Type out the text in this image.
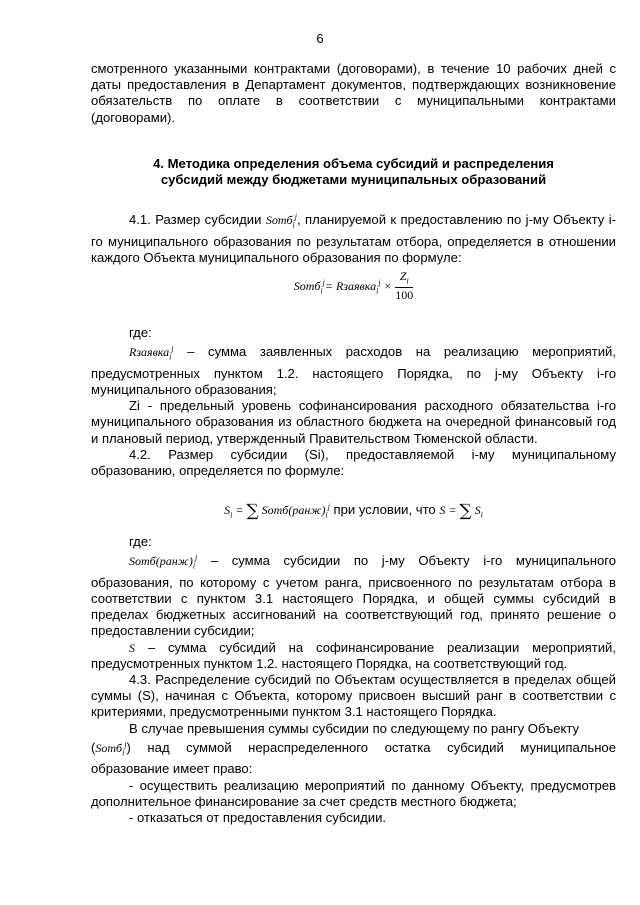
6

смотренного указанными контрактами (договорами), в течение 10 рабочих дней с даты предоставления в Департамент документов, подтверждающих возникновение обязательств по оплате в соответствии с муниципальными контрактами (договорами).

4. Методика определения объема субсидий и распределения

субсидий между бюджетами муниципальных образований

4.1. Размер субсидии Sотб$_i^j$, планируемой к предоставлению по j-му Объекту i-го муниципального образования по результатам отбора, определяется в отношении каждого Объекта муниципального образования по формуле:

Sотб$_i^j$= Rзаявка$_i^j$ × $\frac{Z_i}{100}$

где:

Rзаявка$_i^j$ – сумма заявленных расходов на реализацию мероприятий, предусмотренных пунктом 1.2. настоящего Порядка, по j-му Объекту i-го муниципального образования;

Zi - предельный уровень софинансирования расходного обязательства i-го муниципального образования из областного бюджета на очередной финансовый год и плановый период, утвержденный Правительством Тюменской области.

4.2. Размер субсидии (Si), предоставляемой i-му муниципальному образованию, определяется по формуле:

$S_i$ = ∑ $Sотб(ранж)_i^j$ при условии, что S = ∑ $S_i$

где:

$Sотб(ранж)_i^j$ – сумма субсидии по j-му Объекту i-го муниципального образования, по которому с учетом ранга, присвоенного по результатам отбора в соответствии с пунктом 3.1 настоящего Порядка, и общей суммы субсидий в пределах бюджетных ассигнований на соответствующий год, принято решение о предоставлении субсидии;

S – сумма субсидий на софинансирование реализации мероприятий, предусмотренных пунктом 1.2. настоящего Порядка, на соответствующий год.

4.3. Распределение субсидий по Объектам осуществляется в пределах общей суммы (S), начиная с Объекта, которому присвоен высший ранг в соответствии с критериями, предусмотренными пунктом 3.1 настоящего Порядка.

В случае превышения суммы субсидии по следующему по рангу Объекту
(Sотб$_i^j$) над суммой нераспределенного остатка субсидий муниципальное образование имеет право:

- осуществить реализацию мероприятий по данному Объекту, предусмотрев дополнительное финансирование за счет средств местного бюджета;

- отказаться от предоставления субсидии.
